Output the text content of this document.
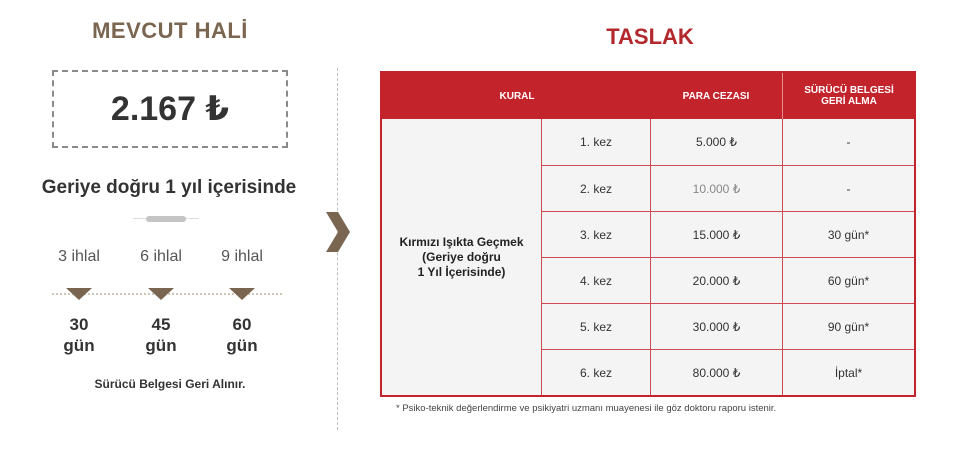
MEVCUT HALİ
2.167 ₺
Geriye doğru 1 yıl içerisinde
3 ihlal	6 ihlal	9 ihlal
30
gün
45
gün
60
gün
Sürücü Belgesi Geri Alınır.
TASLAK
KURAL	PARA CEZASI	SÜRÜCÜ BELGESİ
GERİ ALMA
Kırmızı Işıkta Geçmek
(Geriye doğru
1 Yıl İçerisinde)
1. kez	5.000 ₺	-
2. kez	10.000 ₺	-
3. kez	15.000 ₺	30 gün*
4. kez	20.000 ₺	60 gün*
5. kez	30.000 ₺	90 gün*
6. kez	80.000 ₺	İptal*
* Psiko-teknik değerlendirme ve psikiyatri uzmanı muayenesi ile göz doktoru raporu istenir.
